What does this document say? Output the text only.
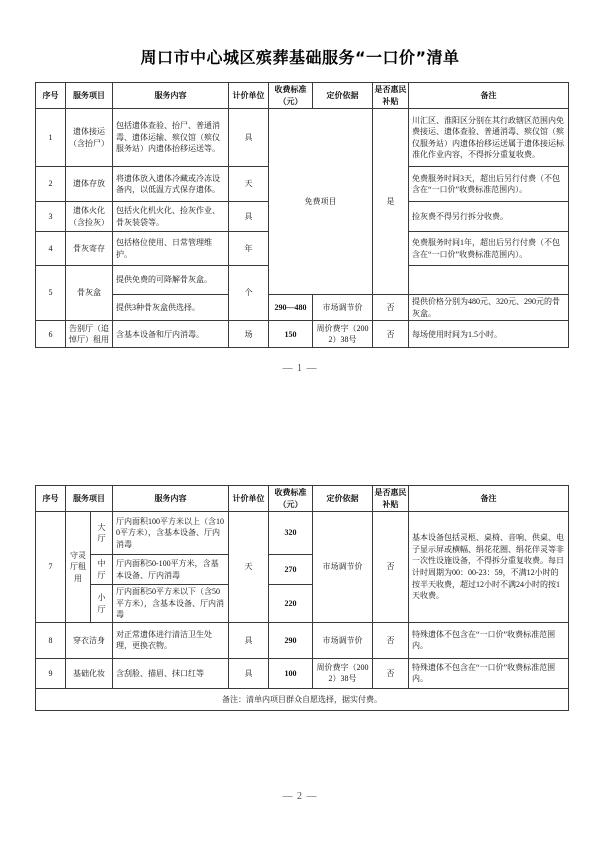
周口市中心城区殡葬基础服务“一口价”清单
序号	服务项目	服务内容	计价单位	收费标准（元）	定价依据	是否惠民补贴	备注
1	遗体接运（含抬尸）	包括遗体查验、抬尸、普通消毒、遗体运输、殡仪馆（殡仪服务站）内遗体抬移运送等。	具	免费项目		是	川汇区、淮阳区分别在其行政辖区范围内免费接运、遗体查验、普通消毒、殡仪馆（殡仪服务站）内遗体抬移运送属于遗体接运标准化作业内容，不得拆分重复收费。
2	遗体存放	将遗体放入遗体冷藏或冷冻设备内，以低温方式保存遗体。	天				免费服务时间3天，超出后另行付费（不包含在“一口价”收费标准范围内）。
3	遗体火化（含捡灰）	包括火化机火化、捡灰作业、骨灰装袋等。	具				捡灰费不得另行拆分收费。
4	骨灰寄存	包括格位使用、日常管理维护。	年				免费服务时间1年，超出后另行付费（不包含在“一口价”收费标准范围内）。
5	骨灰盒	提供免费的可降解骨灰盒。	个				
		提供3种骨灰盒供选择。		290—480	市场调节价	否	提供价格分别为480元、320元、290元的骨灰盒。
6	告别厅（追悼厅）租用	含基本设备和厅内消毒。	场	150	周价费字（2002）38号	否	每场使用时间为1.5小时。
— 1 —
序号	服务项目		服务内容	计价单位	收费标准（元）	定价依据	是否惠民补贴	备注
7	守灵厅租用	大厅	厅内面积100平方米以上（含100平方米），含基本设备、厅内消毒	天	320	市场调节价	否	基本设备包括灵柩、桌椅、音响、供桌、电子显示屏或横幅、绢花花圈、绢花伴灵等非一次性设施设备，不得拆分重复收费。每日计时周期为00：00-23：59，不满12小时的按半天收费，超过12小时不满24小时的按1天收费。
		中厅	厅内面积50-100平方米，含基本设备、厅内消毒		270			
		小厅	厅内面积50平方米以下（含50平方米），含基本设备、厅内消毒		220			
8	穿衣洁身		对正常遗体进行清洁卫生处理，更换衣物。	具	290	市场调节价	否	特殊遗体不包含在“一口价”收费标准范围内。
9	基础化妆		含刮脸、描眉、抹口红等	具	100	周价费字（2002）38号	否	特殊遗体不包含在“一口价”收费标准范围内。
备注：清单内项目群众自愿选择，据实付费。								
— 2 —
